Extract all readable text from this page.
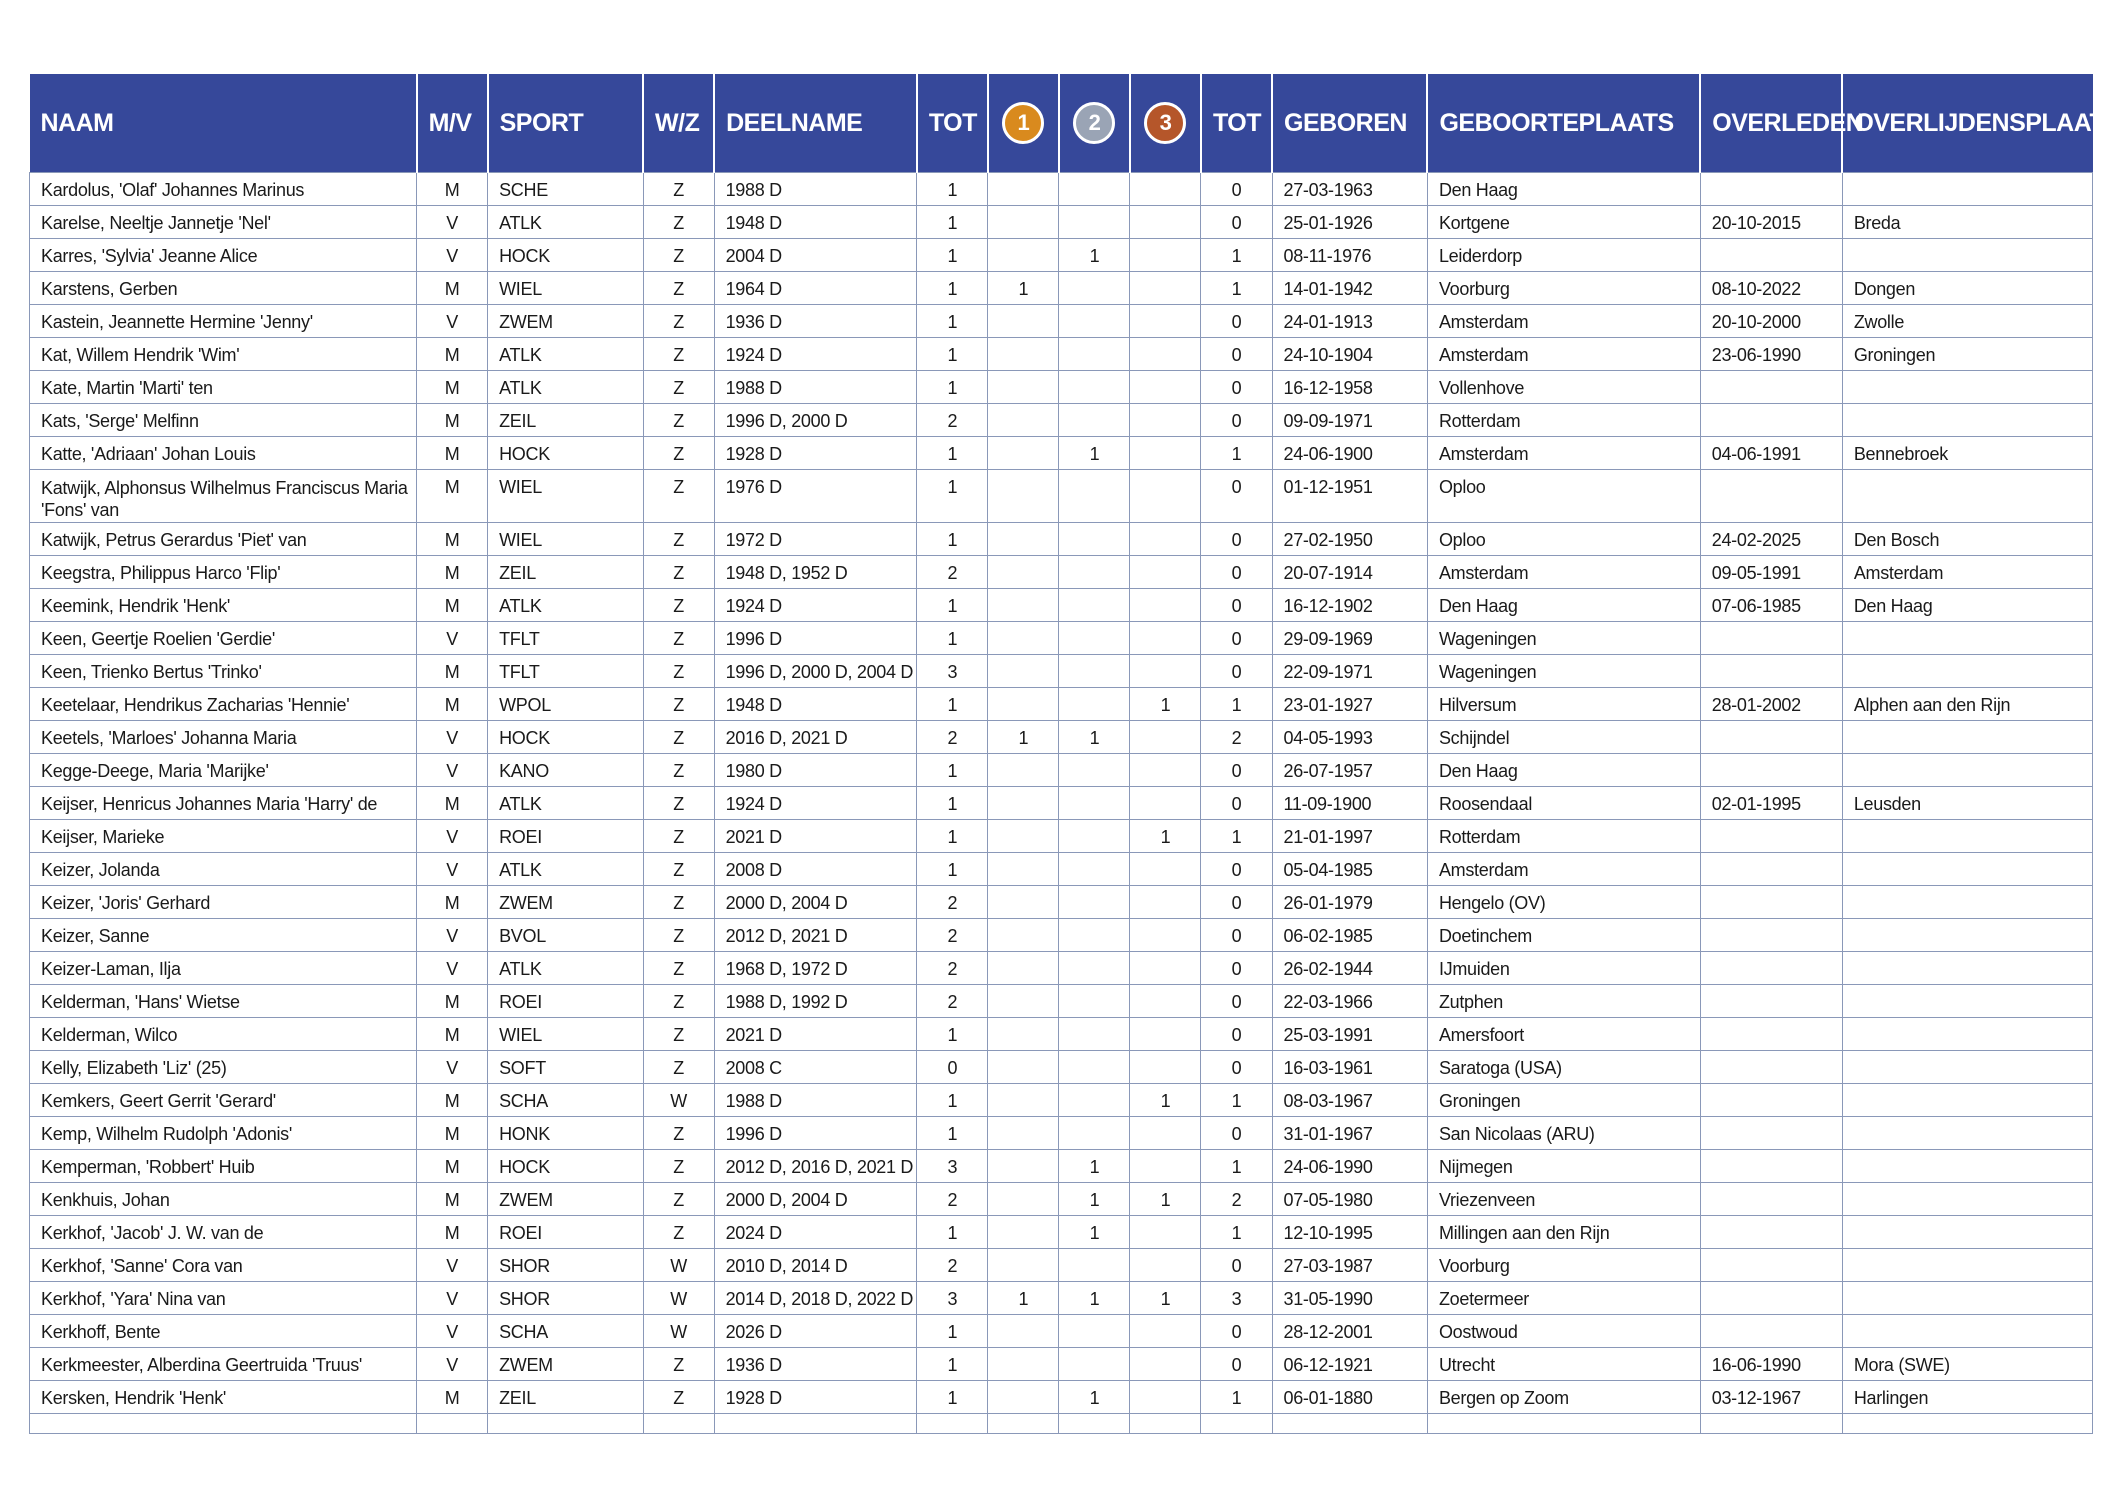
NAAM	M/V	SPORT	W/Z	DEELNAME	TOT	1	2	3	TOT	GEBOREN	GEBOORTEPLAATS	OVERLEDEN	OVERLIJDENSPLAATS
Kardolus, 'Olaf' Johannes Marinus	M	SCHE	Z	1988 D	1				0	27-03-1963	Den Haag		
Karelse, Neeltje Jannetje 'Nel'	V	ATLK	Z	1948 D	1				0	25-01-1926	Kortgene	20-10-2015	Breda
Karres, 'Sylvia' Jeanne Alice	V	HOCK	Z	2004 D	1		1		1	08-11-1976	Leiderdorp		
Karstens, Gerben	M	WIEL	Z	1964 D	1	1			1	14-01-1942	Voorburg	08-10-2022	Dongen
Kastein, Jeannette Hermine 'Jenny'	V	ZWEM	Z	1936 D	1				0	24-01-1913	Amsterdam	20-10-2000	Zwolle
Kat, Willem Hendrik 'Wim'	M	ATLK	Z	1924 D	1				0	24-10-1904	Amsterdam	23-06-1990	Groningen
Kate, Martin 'Marti' ten	M	ATLK	Z	1988 D	1				0	16-12-1958	Vollenhove		
Kats, 'Serge' Melfinn	M	ZEIL	Z	1996 D, 2000 D	2				0	09-09-1971	Rotterdam		
Katte, 'Adriaan' Johan Louis	M	HOCK	Z	1928 D	1		1		1	24-06-1900	Amsterdam	04-06-1991	Bennebroek
Katwijk, Alphonsus Wilhelmus Franciscus Maria 'Fons' van	M	WIEL	Z	1976 D	1				0	01-12-1951	Oploo		
Katwijk, Petrus Gerardus 'Piet' van	M	WIEL	Z	1972 D	1				0	27-02-1950	Oploo	24-02-2025	Den Bosch
Keegstra, Philippus Harco 'Flip'	M	ZEIL	Z	1948 D, 1952 D	2				0	20-07-1914	Amsterdam	09-05-1991	Amsterdam
Keemink, Hendrik 'Henk'	M	ATLK	Z	1924 D	1				0	16-12-1902	Den Haag	07-06-1985	Den Haag
Keen, Geertje Roelien 'Gerdie'	V	TFLT	Z	1996 D	1				0	29-09-1969	Wageningen		
Keen, Trienko Bertus 'Trinko'	M	TFLT	Z	1996 D, 2000 D, 2004 D	3				0	22-09-1971	Wageningen		
Keetelaar, Hendrikus Zacharias 'Hennie'	M	WPOL	Z	1948 D	1			1	1	23-01-1927	Hilversum	28-01-2002	Alphen aan den Rijn
Keetels, 'Marloes' Johanna Maria	V	HOCK	Z	2016 D, 2021 D	2	1	1		2	04-05-1993	Schijndel		
Kegge-Deege, Maria 'Marijke'	V	KANO	Z	1980 D	1				0	26-07-1957	Den Haag		
Keijser, Henricus Johannes Maria 'Harry' de	M	ATLK	Z	1924 D	1				0	11-09-1900	Roosendaal	02-01-1995	Leusden
Keijser, Marieke	V	ROEI	Z	2021 D	1			1	1	21-01-1997	Rotterdam		
Keizer, Jolanda	V	ATLK	Z	2008 D	1				0	05-04-1985	Amsterdam		
Keizer, 'Joris' Gerhard	M	ZWEM	Z	2000 D, 2004 D	2				0	26-01-1979	Hengelo (OV)		
Keizer, Sanne	V	BVOL	Z	2012 D, 2021 D	2				0	06-02-1985	Doetinchem		
Keizer-Laman, Ilja	V	ATLK	Z	1968 D, 1972 D	2				0	26-02-1944	IJmuiden		
Kelderman, 'Hans' Wietse	M	ROEI	Z	1988 D, 1992 D	2				0	22-03-1966	Zutphen		
Kelderman, Wilco	M	WIEL	Z	2021 D	1				0	25-03-1991	Amersfoort		
Kelly, Elizabeth 'Liz' (25)	V	SOFT	Z	2008 C	0				0	16-03-1961	Saratoga (USA)		
Kemkers, Geert Gerrit 'Gerard'	M	SCHA	W	1988 D	1			1	1	08-03-1967	Groningen		
Kemp, Wilhelm Rudolph 'Adonis'	M	HONK	Z	1996 D	1				0	31-01-1967	San Nicolaas (ARU)		
Kemperman, 'Robbert' Huib	M	HOCK	Z	2012 D, 2016 D, 2021 D	3		1		1	24-06-1990	Nijmegen		
Kenkhuis, Johan	M	ZWEM	Z	2000 D, 2004 D	2		1	1	2	07-05-1980	Vriezenveen		
Kerkhof, 'Jacob' J. W. van de	M	ROEI	Z	2024 D	1		1		1	12-10-1995	Millingen aan den Rijn		
Kerkhof, 'Sanne' Cora van	V	SHOR	W	2010 D, 2014 D	2				0	27-03-1987	Voorburg		
Kerkhof, 'Yara' Nina van	V	SHOR	W	2014 D, 2018 D, 2022 D	3	1	1	1	3	31-05-1990	Zoetermeer		
Kerkhoff, Bente	V	SCHA	W	2026 D	1				0	28-12-2001	Oostwoud		
Kerkmeester, Alberdina Geertruida 'Truus'	V	ZWEM	Z	1936 D	1				0	06-12-1921	Utrecht	16-06-1990	Mora (SWE)
Kersken, Hendrik 'Henk'	M	ZEIL	Z	1928 D	1		1		1	06-01-1880	Bergen op Zoom	03-12-1967	Harlingen
